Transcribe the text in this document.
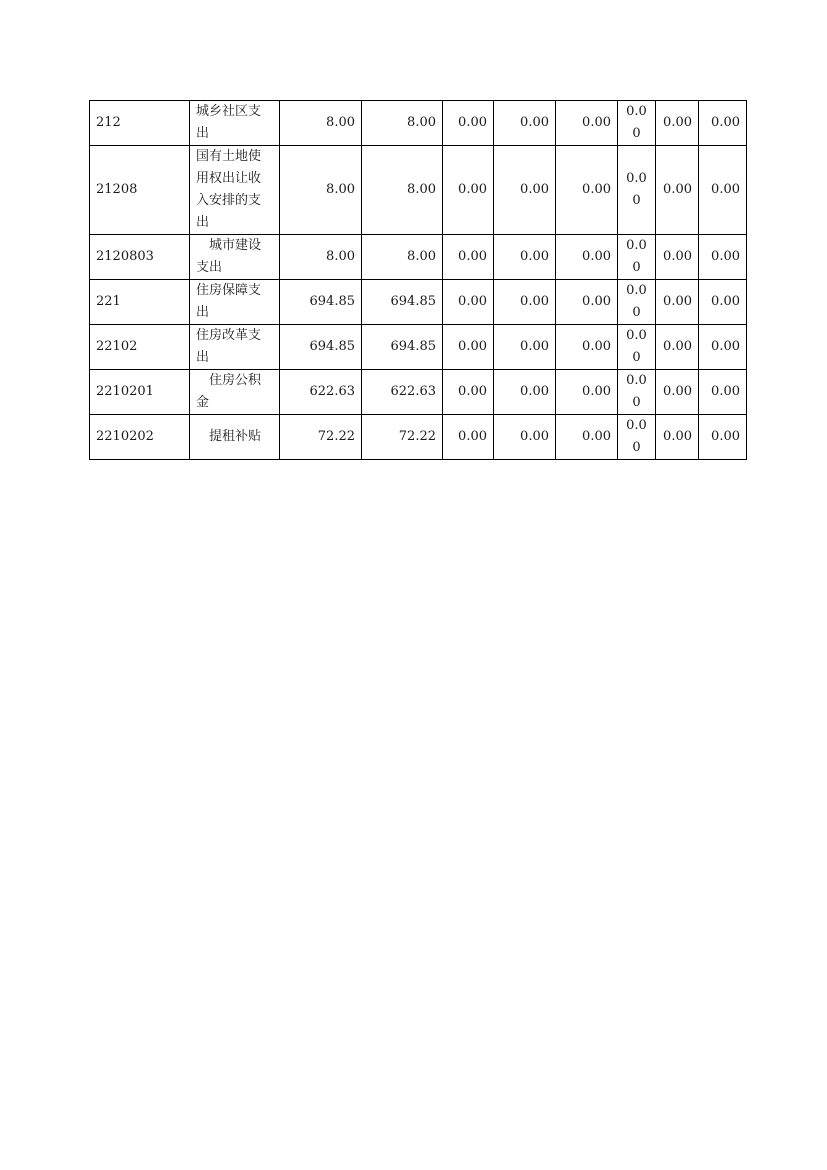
212	城乡社区支出	8.00	8.00	0.00	0.00	0.00	0.00	0.00	0.00
21208	国有土地使用权出让收入安排的支出	8.00	8.00	0.00	0.00	0.00	0.00	0.00	0.00
2120803	城市建设支出	8.00	8.00	0.00	0.00	0.00	0.00	0.00	0.00
221	住房保障支出	694.85	694.85	0.00	0.00	0.00	0.00	0.00	0.00
22102	住房改革支出	694.85	694.85	0.00	0.00	0.00	0.00	0.00	0.00
2210201	住房公积金	622.63	622.63	0.00	0.00	0.00	0.00	0.00	0.00
2210202	提租补贴	72.22	72.22	0.00	0.00	0.00	0.00	0.00	0.00
